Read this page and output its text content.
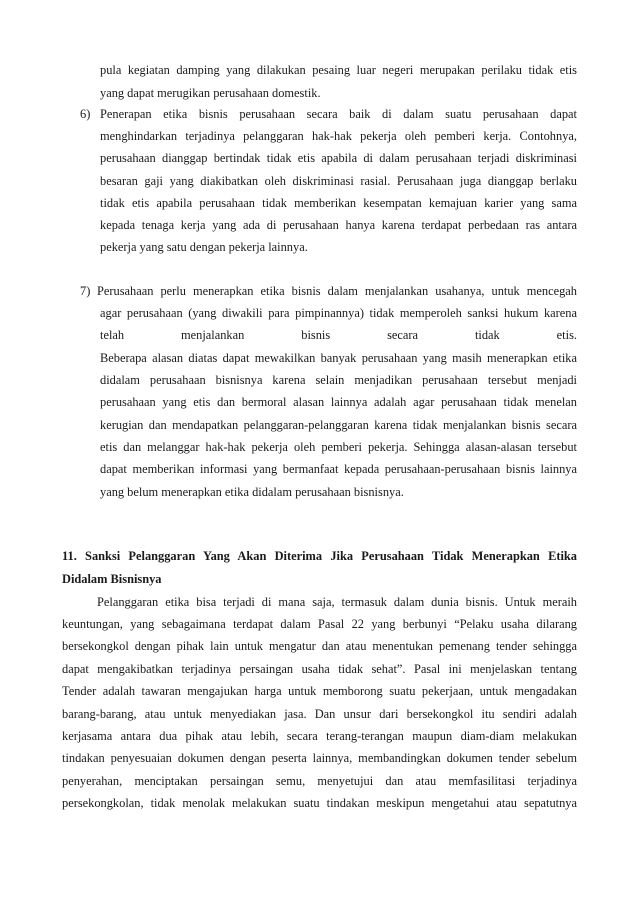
pula kegiatan damping yang dilakukan pesaing luar negeri merupakan perilaku tidak etis
yang dapat merugikan perusahaan domestik.
6) Penerapan etika bisnis perusahaan secara baik di dalam suatu perusahaan dapat
menghindarkan terjadinya pelanggaran hak-hak pekerja oleh pemberi kerja. Contohnya,
perusahaan dianggap bertindak tidak etis apabila di dalam perusahaan terjadi diskriminasi
besaran gaji yang diakibatkan oleh diskriminasi rasial. Perusahaan juga dianggap berlaku
tidak etis apabila perusahaan tidak memberikan kesempatan kemajuan karier yang sama
kepada tenaga kerja yang ada di perusahaan hanya karena terdapat perbedaan ras antara
pekerja yang satu dengan pekerja lainnya.
7) Perusahaan perlu menerapkan etika bisnis dalam menjalankan usahanya, untuk mencegah
agar perusahaan (yang diwakili para pimpinannya) tidak memperoleh sanksi hukum karena
telah menjalankan bisnis secara tidak etis.
Beberapa alasan diatas dapat mewakilkan banyak perusahaan yang masih menerapkan etika
didalam perusahaan bisnisnya karena selain menjadikan perusahaan tersebut menjadi
perusahaan yang etis dan bermoral alasan lainnya adalah agar perusahaan tidak menelan
kerugian dan mendapatkan pelanggaran-pelanggaran karena tidak menjalankan bisnis secara
etis dan melanggar hak-hak pekerja oleh pemberi pekerja. Sehingga alasan-alasan tersebut
dapat memberikan informasi yang bermanfaat kepada perusahaan-perusahaan bisnis lainnya
yang belum menerapkan etika didalam perusahaan bisnisnya.
11. Sanksi Pelanggaran Yang Akan Diterima Jika Perusahaan Tidak Menerapkan Etika
Didalam Bisnisnya
Pelanggaran etika bisa terjadi di mana saja, termasuk dalam dunia bisnis. Untuk meraih
keuntungan, yang sebagaimana terdapat dalam Pasal 22 yang berbunyi “Pelaku usaha dilarang
bersekongkol dengan pihak lain untuk mengatur dan atau menentukan pemenang tender sehingga
dapat mengakibatkan terjadinya persaingan usaha tidak sehat”. Pasal ini menjelaskan tentang
Tender adalah tawaran mengajukan harga untuk memborong suatu pekerjaan, untuk mengadakan
barang-barang, atau untuk menyediakan jasa. Dan unsur dari bersekongkol itu sendiri adalah
kerjasama antara dua pihak atau lebih, secara terang-terangan maupun diam-diam melakukan
tindakan penyesuaian dokumen dengan peserta lainnya, membandingkan dokumen tender sebelum
penyerahan, menciptakan persaingan semu, menyetujui dan atau memfasilitasi terjadinya
persekongkolan, tidak menolak melakukan suatu tindakan meskipun mengetahui atau sepatutnya
